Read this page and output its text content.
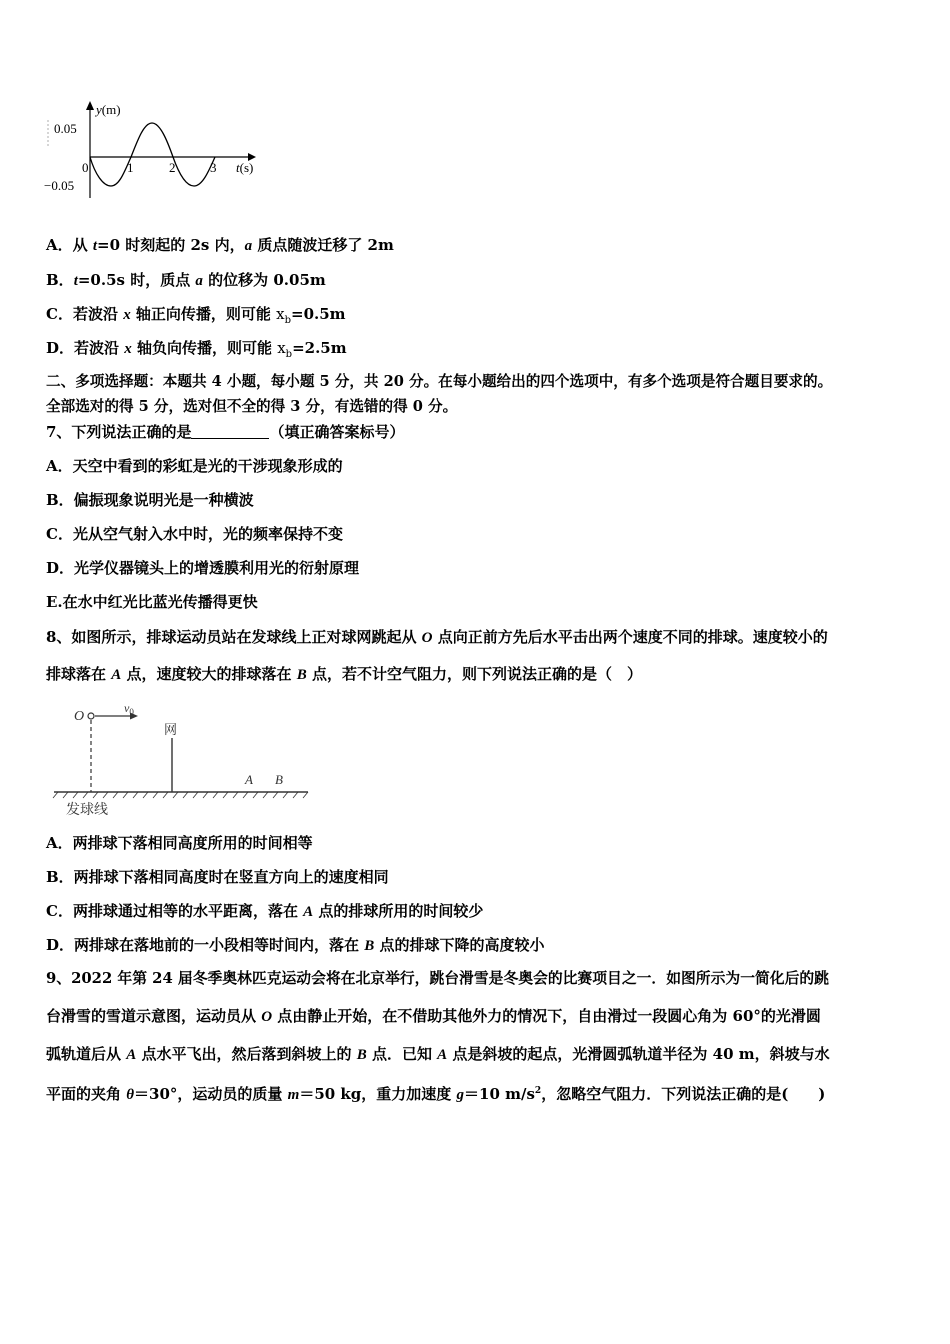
y(m)
0.05
−0.05
0	1	2	3 t(s)
A．从 t=0 时刻起的 2s 内，a 质点随波迁移了 2m
B．t=0.5s 时，质点 a 的位移为 0.05m
C．若波沿 x 轴正向传播，则可能 $x_b=0.5m$
D．若波沿 x 轴负向传播，则可能 $x_b=2.5m$
二、多项选择题：本题共 4 小题，每小题 5 分，共 20 分。在每小题给出的四个选项中，有多个选项是符合题目要求的。
全部选对的得 5 分，选对但不全的得 3 分，有选错的得 0 分。
7、下列说法正确的是	（填正确答案标号）
A．天空中看到的彩虹是光的干涉现象形成的
B．偏振现象说明光是一种横波
C．光从空气射入水中时，光的频率保持不变
D．光学仪器镜头上的增透膜利用光的衍射原理
E.在水中红光比蓝光传播得更快
8、如图所示，排球运动员站在发球线上正对球网跳起从 O 点向正前方先后水平击出两个速度不同的排球。速度较小的
排球落在 A 点，速度较大的排球落在 B 点，若不计空气阻力，则下列说法正确的是（　）
O
$v_0$
网
A B
发球线
A．两排球下落相同高度所用的时间相等
B．两排球下落相同高度时在竖直方向上的速度相同
C．两排球通过相等的水平距离，落在 A 点的排球所用的时间较少
D．两排球在落地前的一小段相等时间内，落在 B 点的排球下降的高度较小
9、2022 年第 24 届冬季奥林匹克运动会将在北京举行，跳台滑雪是冬奥会的比赛项目之一．如图所示为一简化后的跳
台滑雪的雪道示意图，运动员从 O 点由静止开始，在不借助其他外力的情况下，自由滑过一段圆心角为 60°的光滑圆
弧轨道后从 A 点水平飞出，然后落到斜坡上的 B 点．已知 A 点是斜坡的起点，光滑圆弧轨道半径为 40 m，斜坡与水
平面的夹角 θ＝30°，运动员的质量 m＝50 kg，重力加速度 g＝10 $m/s^2$，忽略空气阻力．下列说法正确的是(　　)
